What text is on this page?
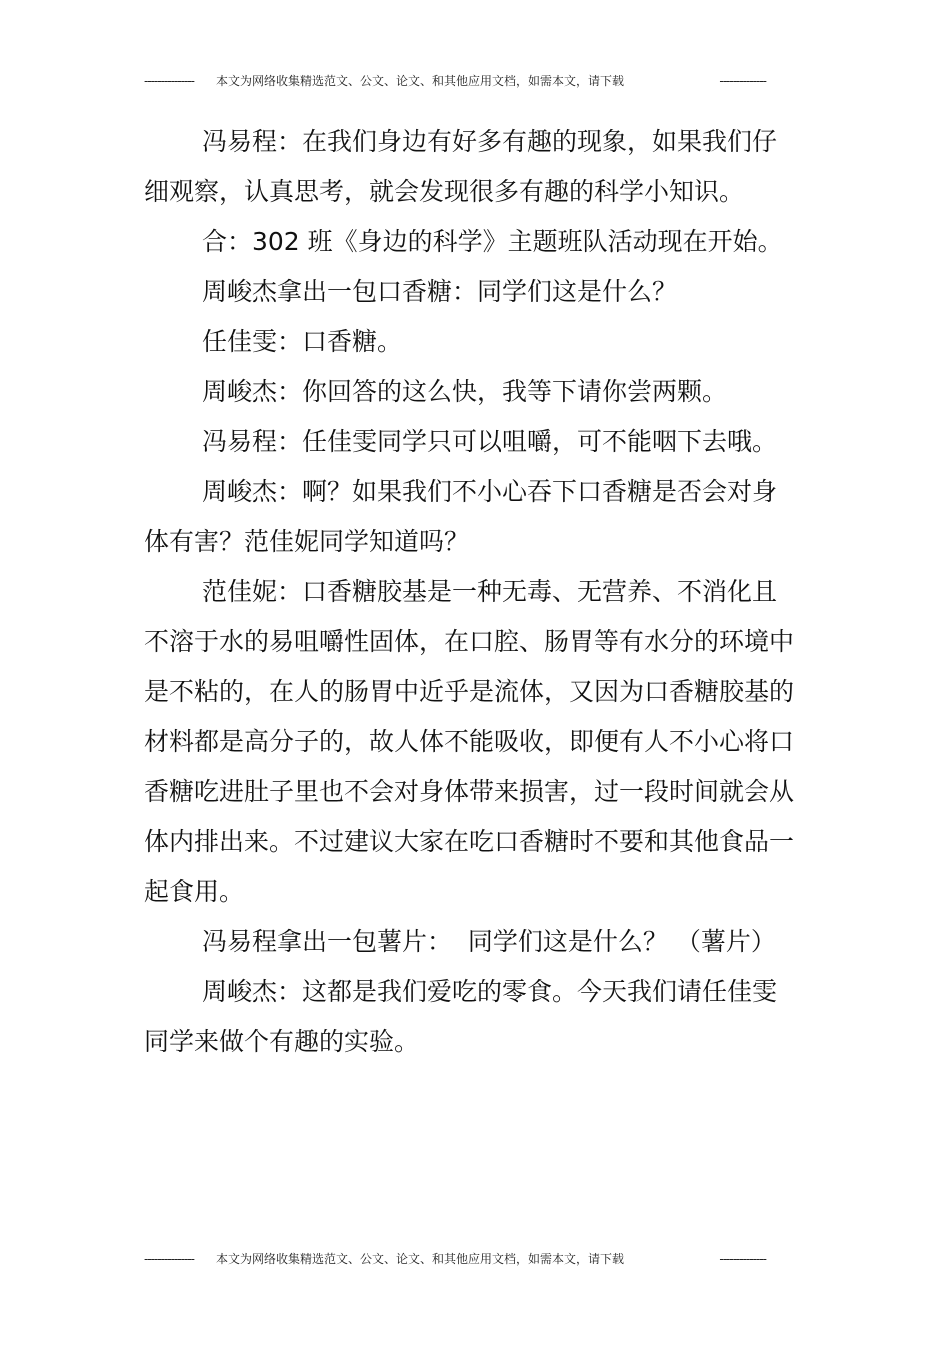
--------------- 本文为网络收集精选范文、公文、论文、和其他应用文档，如需本文，请下载	--------------

冯易程：在我们身边有好多有趣的现象，如果我们仔细观察，认真思考，就会发现很多有趣的科学小知识。

合：302 班《身边的科学》主题班队活动现在开始。

周峻杰拿出一包口香糖：同学们这是什么？

任佳雯：口香糖。

周峻杰：你回答的这么快，我等下请你尝两颗。

冯易程：任佳雯同学只可以咀嚼，可不能咽下去哦。

周峻杰：啊？如果我们不小心吞下口香糖是否会对身体有害？范佳妮同学知道吗？

范佳妮：口香糖胶基是一种无毒、无营养、不消化且不溶于水的易咀嚼性固体，在口腔、肠胃等有水分的环境中是不粘的，在人的肠胃中近乎是流体，又因为口香糖胶基的材料都是高分子的，故人体不能吸收，即便有人不小心将口香糖吃进肚子里也不会对身体带来损害，过一段时间就会从体内排出来。不过建议大家在吃口香糖时不要和其他食品一起食用。

冯易程拿出一包薯片：  同学们这是什么？ （薯片）

周峻杰：这都是我们爱吃的零食。今天我们请任佳雯同学来做个有趣的实验。

--------------- 本文为网络收集精选范文、公文、论文、和其他应用文档，如需本文，请下载	--------------
